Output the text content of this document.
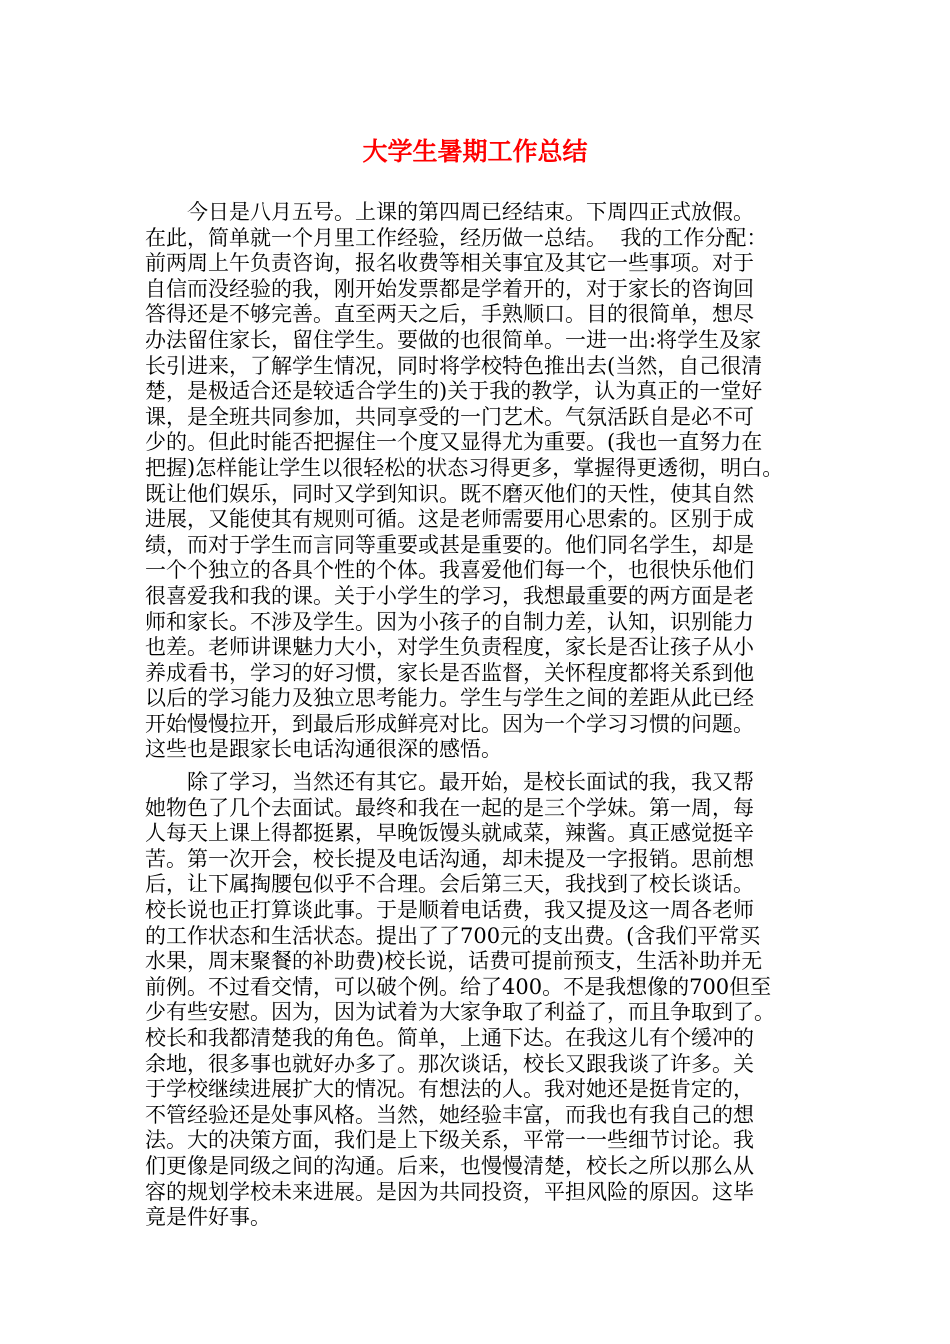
大学生暑期工作总结
　　今日是八月五号。上课的第四周已经结束。下周四正式放假。
在此，简单就一个月里工作经验，经历做一总结。  我的工作分配：
前两周上午负责咨询，报名收费等相关事宜及其它一些事项。对于
自信而没经验的我，刚开始发票都是学着开的，对于家长的咨询回
答得还是不够完善。直至两天之后，手熟顺口。目的很简单，想尽
办法留住家长，留住学生。要做的也很简单。一进一出:将学生及家
长引进来，了解学生情况，同时将学校特色推出去(当然，自己很清
楚，是极适合还是较适合学生的)关于我的教学，认为真正的一堂好
课，是全班共同参加，共同享受的一门艺术。气氛活跃自是必不可
少的。但此时能否把握住一个度又显得尤为重要。(我也一直努力在
把握)怎样能让学生以很轻松的状态习得更多，掌握得更透彻，明白。
既让他们娱乐，同时又学到知识。既不磨灭他们的天性，使其自然
进展，又能使其有规则可循。这是老师需要用心思索的。区别于成
绩，而对于学生而言同等重要或甚是重要的。他们同名学生，却是
一个个独立的各具个性的个体。我喜爱他们每一个，也很快乐他们
很喜爱我和我的课。关于小学生的学习，我想最重要的两方面是老
师和家长。不涉及学生。因为小孩子的自制力差，认知，识别能力
也差。老师讲课魅力大小，对学生负责程度，家长是否让孩子从小
养成看书，学习的好习惯，家长是否监督，关怀程度都将关系到他
以后的学习能力及独立思考能力。学生与学生之间的差距从此已经
开始慢慢拉开，到最后形成鲜亮对比。因为一个学习习惯的问题。
这些也是跟家长电话沟通很深的感悟。
　　除了学习，当然还有其它。最开始，是校长面试的我，我又帮
她物色了几个去面试。最终和我在一起的是三个学妹。第一周，每
人每天上课上得都挺累，早晚饭馒头就咸菜，辣酱。真正感觉挺辛
苦。第一次开会，校长提及电话沟通，却未提及一字报销。思前想
后，让下属掏腰包似乎不合理。会后第三天，我找到了校长谈话。
校长说也正打算谈此事。于是顺着电话费，我又提及这一周各老师
的工作状态和生活状态。提出了了700元的支出费。(含我们平常买
水果，周末聚餐的补助费)校长说，话费可提前预支，生活补助并无
前例。不过看交情，可以破个例。给了400。不是我想像的700但至
少有些安慰。因为，因为试着为大家争取了利益了，而且争取到了。
校长和我都清楚我的角色。简单，上通下达。在我这儿有个缓冲的
余地，很多事也就好办多了。那次谈话，校长又跟我谈了许多。关
于学校继续进展扩大的情况。有想法的人。我对她还是挺肯定的，
不管经验还是处事风格。当然，她经验丰富，而我也有我自己的想
法。大的决策方面，我们是上下级关系，平常一一些细节讨论。我
们更像是同级之间的沟通。后来，也慢慢清楚，校长之所以那么从
容的规划学校未来进展。是因为共同投资，平担风险的原因。这毕
竟是件好事。
